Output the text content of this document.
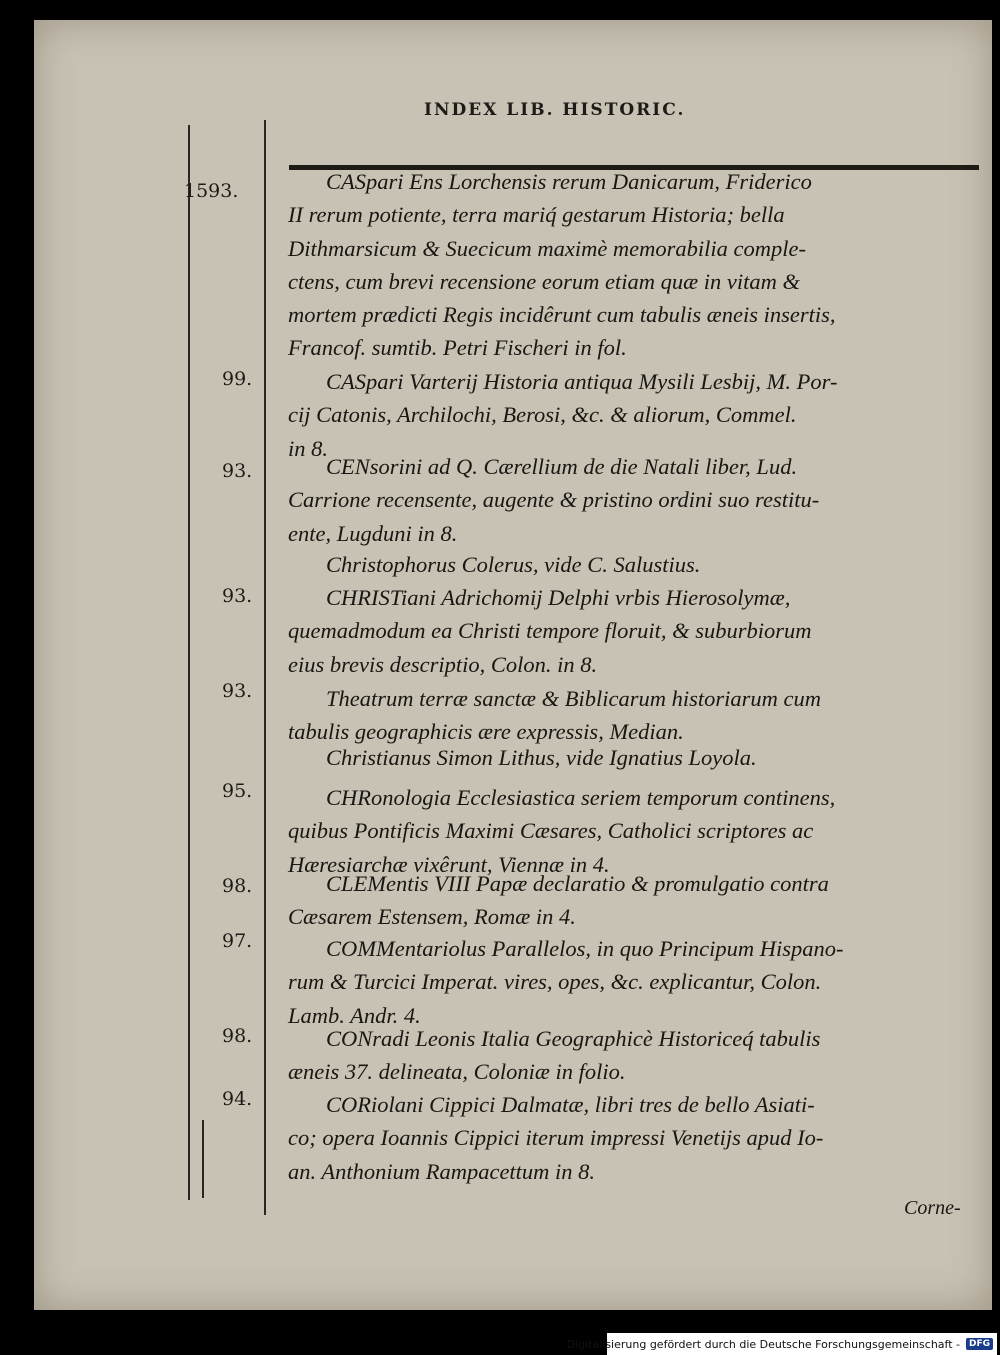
INDEX LIB. HISTORIC.
1593.	CASpari Ens Lorchensis rerum Danicarum, Friderico
II rerum potiente, terra mariq́ gestarum Historia; bella
Dithmarsicum & Suecicum maximè memorabilia comple-
ctens, cum brevi recensione eorum etiam quæ in vitam &
mortem prædicti Regis incidêrunt cum tabulis æneis insertis,
Francof. sumtib. Petri Fischeri in fol.
99.	CASpari Varterij Historia antiqua Mysili Lesbij, M. Por-
cij Catonis, Archilochi, Berosi, &c. & aliorum, Commel.
in 8.
93.	CENsorini ad Q. Cærellium de die Natali liber, Lud.
Carrione recensente, augente & pristino ordini suo restitu-
ente, Lugduni in 8.
Christophorus Colerus, vide C. Salustius.
93.	CHRISTiani Adrichomij Delphi vrbis Hierosolymæ,
quemadmodum ea Christi tempore floruit, & suburbiorum
eius brevis descriptio, Colon. in 8.
93.	Theatrum terræ sanctæ & Biblicarum historiarum cum
tabulis geographicis ære expressis, Median.
Christianus Simon Lithus, vide Ignatius Loyola.
95.	CHRonologia Ecclesiastica seriem temporum continens,
quibus Pontificis Maximi Cæsares, Catholici scriptores ac
Hæresiarchæ vixêrunt, Viennæ in 4.
98.	CLEMentis VIII Papæ declaratio & promulgatio contra
Cæsarem Estensem, Romæ in 4.
97.	COMMentariolus Parallelos, in quo Principum Hispano-
rum & Turcici Imperat. vires, opes, &c. explicantur, Colon.
Lamb. Andr. 4.
98.	CONradi Leonis Italia Geographicè Historiceq́ tabulis
æneis 37. delineata, Coloniæ in folio.
94.	CORiolani Cippici Dalmatæ, libri tres de bello Asiati-
co; opera Ioannis Cippici iterum impressi Venetijs apud Io-
an. Anthonium Rampacettum in 8.
Corne-
Digitalisierung gefördert durch die Deutsche Forschungsgemeinschaft -	DFG
